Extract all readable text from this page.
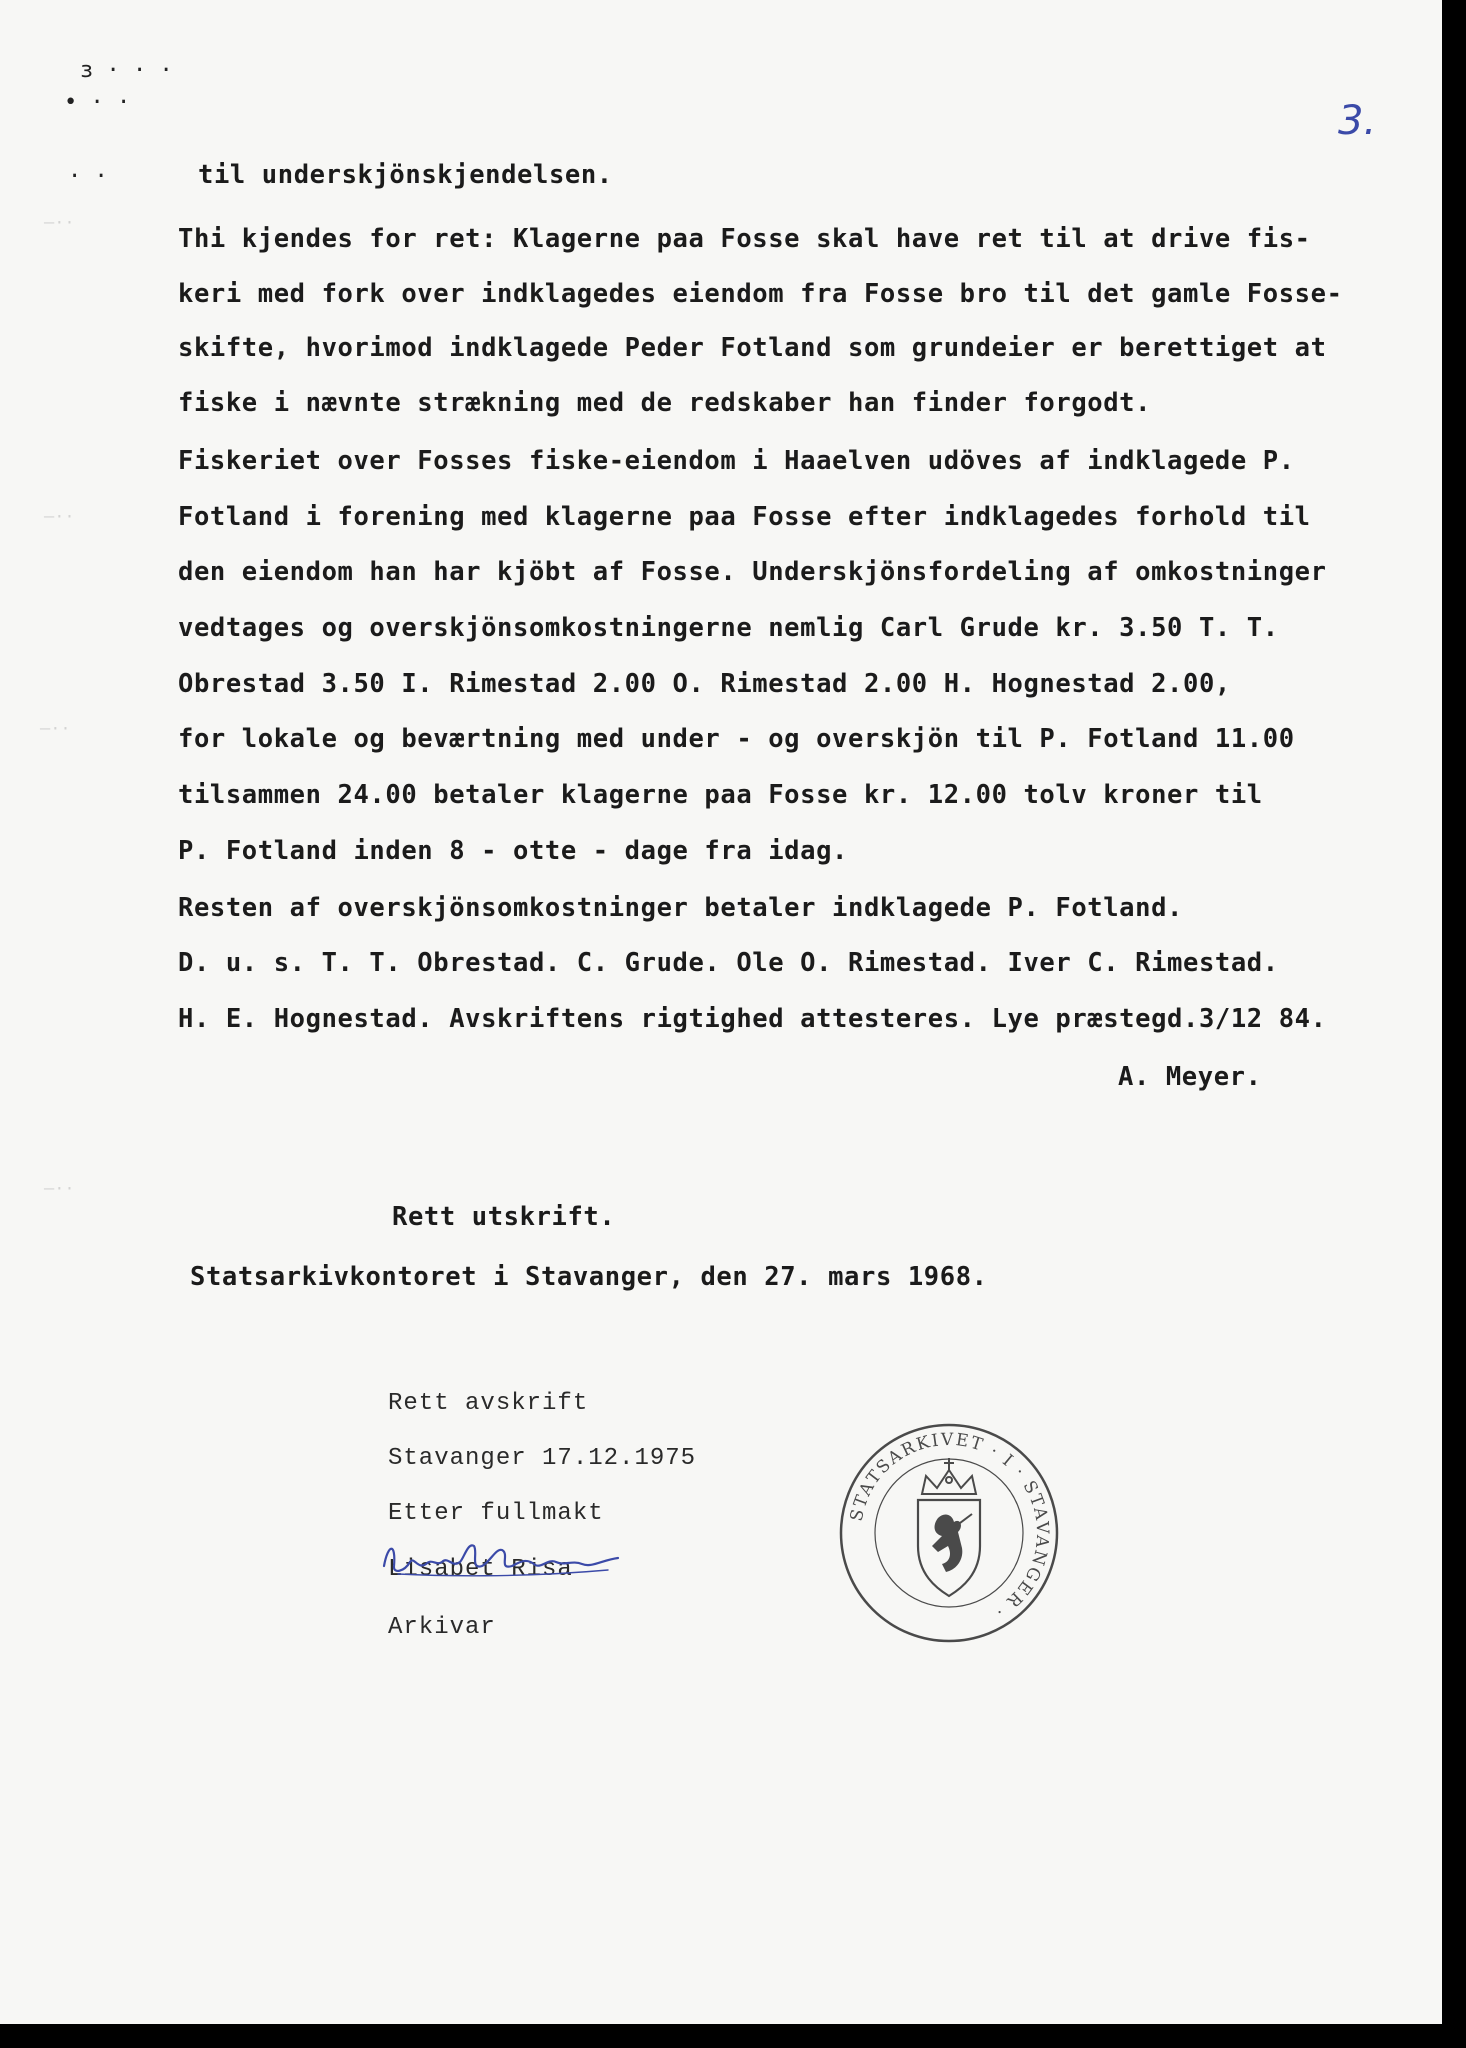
ɜ · · ·
• · ·
· ·
3.
—··
—··
—··
—··
til underskjönskjendelsen.
Thi kjendes for ret: Klagerne paa Fosse skal have ret til at drive fis-
keri med fork over indklagedes eiendom fra Fosse bro til det gamle Fosse-
skifte, hvorimod indklagede Peder Fotland som grundeier er berettiget at
fiske i nævnte strækning med de redskaber han finder forgodt.
Fiskeriet over Fosses fiske-eiendom i Haaelven udöves af indklagede P.
Fotland i forening med klagerne paa Fosse efter indklagedes forhold til
den eiendom han har kjöbt af Fosse. Underskjönsfordeling af omkostninger
vedtages og overskjönsomkostningerne nemlig Carl Grude kr. 3.50 T. T.
Obrestad 3.50 I. Rimestad 2.00 O. Rimestad 2.00 H. Hognestad 2.00,
for lokale og beværtning med under - og overskjön til P. Fotland 11.00
tilsammen 24.00 betaler klagerne paa Fosse kr. 12.00 tolv kroner til
P. Fotland inden 8 - otte - dage fra idag.
Resten af overskjönsomkostninger betaler indklagede P. Fotland.
D. u. s. T. T. Obrestad. C. Grude. Ole O. Rimestad. Iver C. Rimestad.
H. E. Hognestad. Avskriftens rigtighed attesteres. Lye præstegd.3/12 84.
A. Meyer.
Rett utskrift.
Statsarkivkontoret i Stavanger, den 27. mars 1968.
Rett avskrift
Stavanger 17.12.1975
Etter fullmakt
Lisabet Risa
Arkivar
STATSARKIVET · I · STAVANGER ·
